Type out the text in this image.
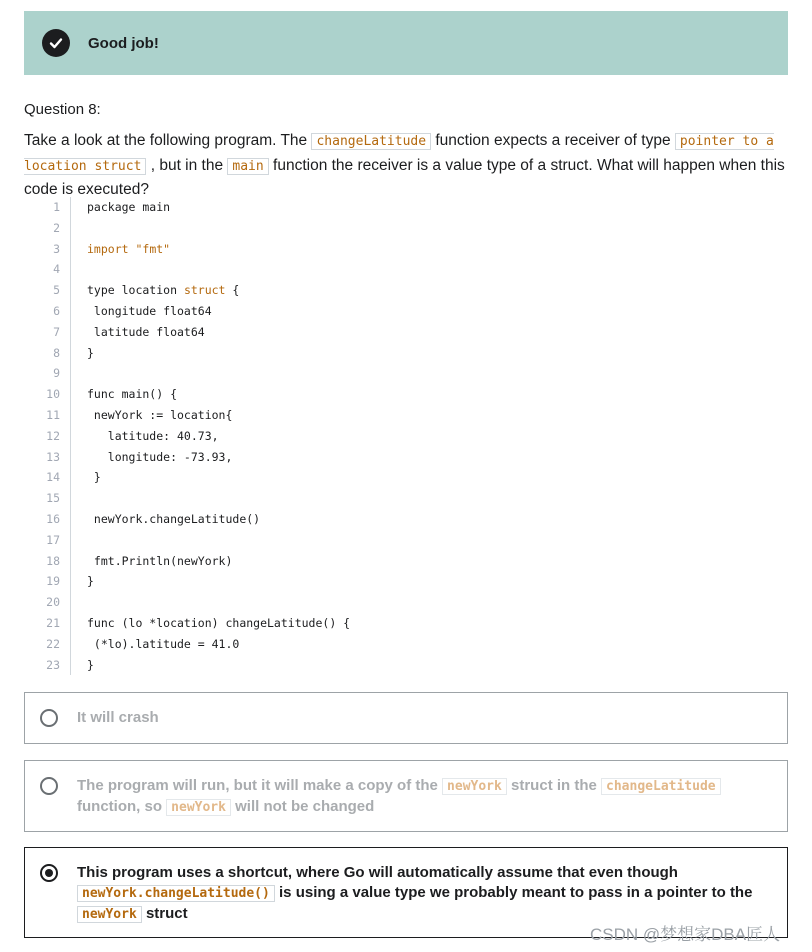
Good job!
Question 8:
Take a look at the following program. The changeLatitude function expects a receiver of type pointer to a location struct , but in the main function the receiver is a value type of a struct. What will happen when this code is executed?
1	package main
2
3	import "fmt"
4
5	type location struct {
6	longitude float64
7	latitude float64
8	}
9
10	func main() {
11	newYork := location{
12	latitude: 40.73,
13	longitude: -73.93,
14	}
15
16	newYork.changeLatitude()
17
18	fmt.Println(newYork)
19	}
20
21	func (lo *location) changeLatitude() {
22	(*lo).latitude = 41.0
23	}
It will crash
The program will run, but it will make a copy of the newYork struct in the changeLatitude function, so newYork will not be changed
This program uses a shortcut, where Go will automatically assume that even though newYork.changeLatitude() is using a value type we probably meant to pass in a pointer to the newYork struct
CSDN @梦想家DBA匠人
